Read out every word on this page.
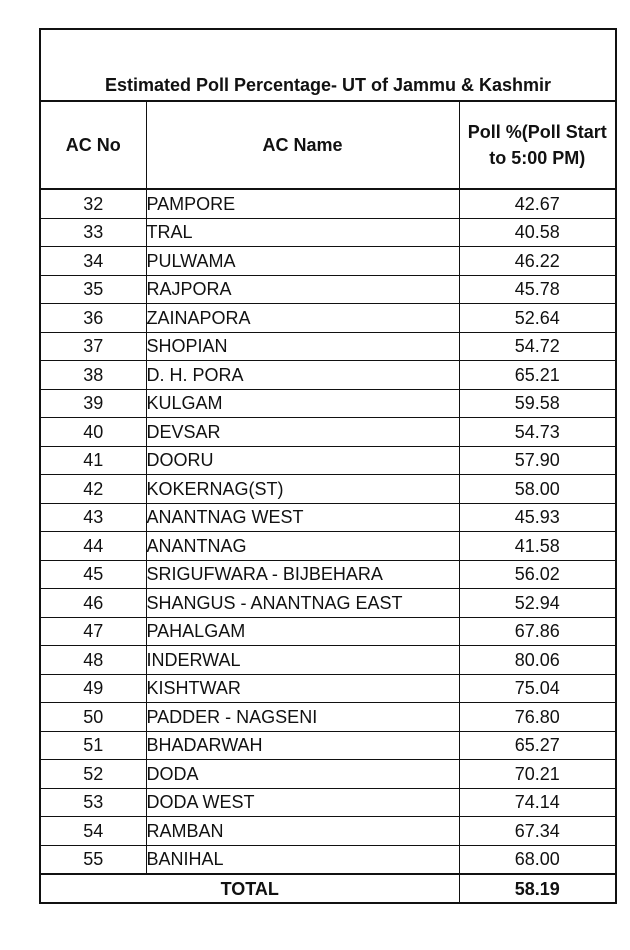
Estimated Poll Percentage- UT of Jammu & Kashmir		
AC No	AC Name	Poll %(Poll Start
to 5:00 PM)
32	PAMPORE	42.67
33	TRAL	40.58
34	PULWAMA	46.22
35	RAJPORA	45.78
36	ZAINAPORA	52.64
37	SHOPIAN	54.72
38	D. H. PORA	65.21
39	KULGAM	59.58
40	DEVSAR	54.73
41	DOORU	57.90
42	KOKERNAG(ST)	58.00
43	ANANTNAG WEST	45.93
44	ANANTNAG	41.58
45	SRIGUFWARA - BIJBEHARA	56.02
46	SHANGUS - ANANTNAG EAST	52.94
47	PAHALGAM	67.86
48	INDERWAL	80.06
49	KISHTWAR	75.04
50	PADDER - NAGSENI	76.80
51	BHADARWAH	65.27
52	DODA	70.21
53	DODA WEST	74.14
54	RAMBAN	67.34
55	BANIHAL	68.00
TOTAL		58.19
